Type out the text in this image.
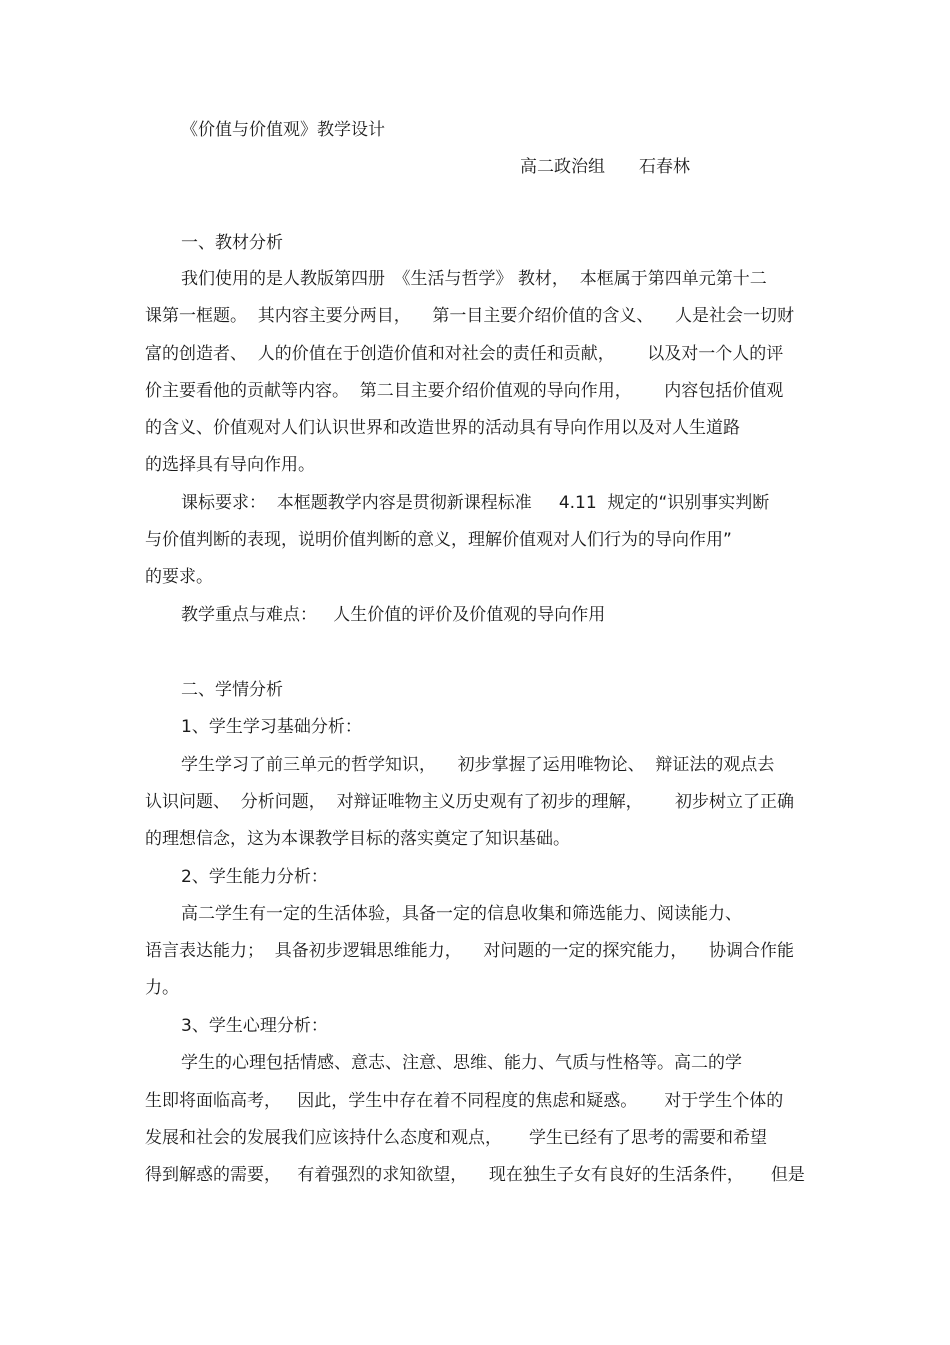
《价值与价值观》教学设计
高二政治组　　石春林
一、教材分析
我们使用的是人教版第四册　《生活与哲学》 教材，  本框属于第四单元第十二
课第一框题。  其内容主要分两目，    第一目主要介绍价值的含义、    人是社会一切财
富的创造者、  人的价值在于创造价值和对社会的责任和贡献，      以及对一个人的评
价主要看他的贡献等内容。  第二目主要介绍价值观的导向作用，      内容包括价值观
的含义、价值观对人们认识世界和改造世界的活动具有导向作用以及对人生道路
的选择具有导向作用。
课标要求：  本框题教学内容是贯彻新课程标准     4.11  规定的“识别事实判断
与价值判断的表现，说明价值判断的意义，理解价值观对人们行为的导向作用”
的要求。
教学重点与难点：   人生价值的评价及价值观的导向作用
二、学情分析
1、学生学习基础分析：
学生学习了前三单元的哲学知识，    初步掌握了运用唯物论、  辩证法的观点去
认识问题、  分析问题，  对辩证唯物主义历史观有了初步的理解，      初步树立了正确
的理想信念，这为本课教学目标的落实奠定了知识基础。
2、学生能力分析：
高二学生有一定的生活体验，具备一定的信息收集和筛选能力、阅读能力、
语言表达能力；  具备初步逻辑思维能力，    对问题的一定的探究能力，    协调合作能
力。
3、学生心理分析：
学生的心理包括情感、意志、注意、思维、能力、气质与性格等。高二的学
生即将面临高考，   因此，学生中存在着不同程度的焦虑和疑惑。     对于学生个体的
发展和社会的发展我们应该持什么态度和观点，     学生已经有了思考的需要和希望
得到解惑的需要，   有着强烈的求知欲望，    现在独生子女有良好的生活条件，     但是
